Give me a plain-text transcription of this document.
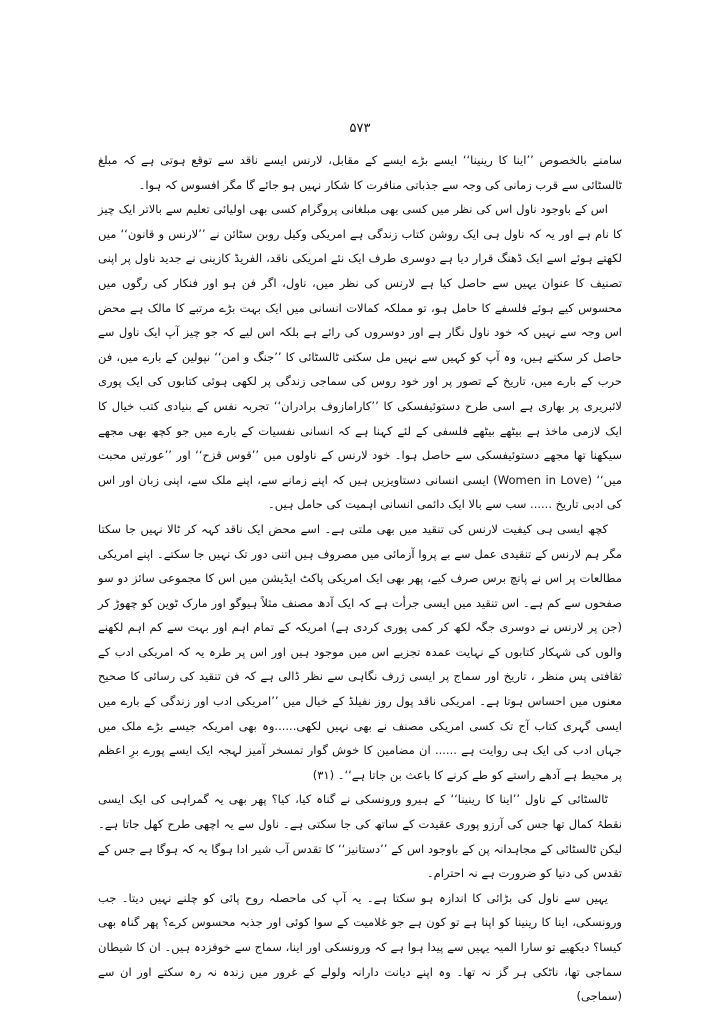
۵۷۳

سامنے بالخصوص ’’اینا کا رینینا‘‘ ایسے بڑے ایسے کے مقابل، لارنس ایسے ناقد سے توقع ہوتی ہے کہ مبلغ ٹالسٹائی سے قرب زمانی کی وجہ سے جذباتی منافرت کا شکار نہیں ہو جائے گا مگر افسوس کہ ہوا۔

اس کے باوجود ناول اس کی نظر میں کسی بھی مبلغانی پروگرام کسی بھی اولیائی تعلیم سے بالاتر ایک چیز کا نام ہے اور یہ کہ ناول ہی ایک روشن کتاب زندگی ہے امریکی وکیل روبن سٹائن نے ’’لارنس و قانون‘‘ میں لکھتے ہوئے اسے ایک ڈھنگ قرار دیا ہے دوسری طرف ایک نئے امریکی ناقد، الفریڈ کازینی نے جدید ناول پر اپنی تصنیف کا عنوان یہیں سے حاصل کیا ہے لارنس کی نظر میں، ناول، اگر فن ہو اور فنکار کی رگوں میں محسوس کیے ہوئے فلسفے کا حامل ہو، تو مملکہ کمالات انسانی میں ایک بہت بڑے مرتبے کا مالک ہے محض اس وجہ سے نہیں کہ خود ناول نگار ہے اور دوسروں کی رائے ہے بلکہ اس لیے کہ جو چیز آپ ایک ناول سے حاصل کر سکتے ہیں، وہ آپ کو کہیں سے نہیں مل سکتی ٹالسٹائی کا ’’جنگ و امن‘‘ نپولین کے بارے میں، فن حرب کے بارے میں، تاریخ کے تصور پر اور خود روس کی سماجی زندگی پر لکھی ہوئی کتابوں کی ایک پوری لائبریری پر بھاری ہے اسی طرح دستوئیفسکی کا ’’کارامازوف برادران‘‘ تجربہ نفس کے بنیادی کتب خیال کا ایک لازمی ماخذ ہے بیٹھے بیٹھے فلسفی کے لئے کہنا ہے کہ انسانی نفسیات کے بارے میں جو کچھ بھی مجھے سیکھنا تھا مجھے دستوئیفسکی سے حاصل ہوا۔ خود لارنس کے ناولوں میں ’’قوس قزح‘‘ اور ’’عورتیں محبت میں‘‘ (Women in Love) ایسی انسانی دستاویزیں ہیں کہ اپنے زمانے سے، اپنے ملک سے، اپنی زبان اور اس کی ادبی تاریخ ...... سب سے بالا ایک دائمی انسانی اہمیت کی حامل ہیں۔

کچھ ایسی ہی کیفیت لارنس کی تنقید میں بھی ملتی ہے۔ اسے محض ایک ناقد کہہ کر ٹالا نہیں جا سکتا مگر ہم لارنس کے تنقیدی عمل سے بے پروا آزمائی میں مصروف ہیں اتنی دور تک نہیں جا سکتے۔ اپنے امریکی مطالعات پر اس نے پانچ برس صرف کیے، پھر بھی ایک امریکی پاکٹ ایڈیشن میں اس کا مجموعی سائز دو سو صفحوں سے کم ہے۔ اس تنقید میں ایسی جرأت ہے کہ ایک آدھ مصنف مثلاً ہیوگو اور مارک ٹوین کو چھوڑ کر (جن پر لارنس نے دوسری جگہ لکھ کر کمی پوری کردی ہے) امریکہ کے تمام اہم اور بہت سے کم اہم لکھنے والوں کی شہکار کتابوں کے نہایت عمدہ تجزیے اس میں موجود ہیں اور اس پر طرہ یہ کہ امریکی ادب کے ثقافتی پس منظر ، تاریخ اور سماج پر ایسی ژرف نگاہی سے نظر ڈالی ہے کہ فن تنقید کی رسائی کا صحیح معنوں میں احساس ہوتا ہے۔ امریکی ناقد پول روز نفیلڈ کے خیال میں ’’امریکی ادب اور زندگی کے بارے میں ایسی گہری کتاب آج تک کسی امریکی مصنف نے بھی نہیں لکھی......وہ بھی امریکہ جیسے بڑے ملک میں جہاں ادب کی ایک ہی روایت ہے ...... ان مضامین کا خوش گوار تمسخر آمیز لہجہ ایک ایسے پورے برِ اعظم پر محیط ہے آدھے راستے کو طے کرنے کا باعث بن جاتا ہے‘‘۔ (۳۱)

ٹالسٹائی کے ناول ’’اینا کا رینینا‘‘ کے ہیرو ورونسکی نے گناہ کیا، کیا؟ پھر بھی یہ گمراہی کی ایک ایسی نقطۂ کمال تھا جس کی آرزو پوری عقیدت کے ساتھ کی جا سکتی ہے۔ ناول سے یہ اچھی طرح کھل جاتا ہے۔ لیکن ٹالسٹائی کے مجاہدانہ پن کے باوجود اس کے ’’دستانیز‘‘ کا تقدس آب شیر ادا ہوگا یہ کہ ہوگا ہے جس کے تقدس کی دنیا کو ضرورت ہے نہ احترام۔

یہیں سے ناول کی بڑائی کا اندازہ ہو سکتا ہے۔ یہ آپ کی ماحصلہ روح پائی کو چلنے نہیں دیتا۔ جب ورونسکی، اینا کا رینینا کو اپنا ہے تو کون ہے جو غلامیت کے سوا کوئی اور جذبہ محسوس کرے؟ پھر گناہ بھی کیسا؟ دیکھیے تو سارا المیہ یہیں سے پیدا ہوا ہے کہ ورونسکی اور اینا، سماج سے خوفزدہ ہیں۔ ان کا شیطان سماجی تھا، ناٹکی ہر گز نہ تھا۔ وہ اپنے دیانت دارانہ ولولے کے غرور میں زندہ نہ رہ سکتے اور ان سے (سماجی)
